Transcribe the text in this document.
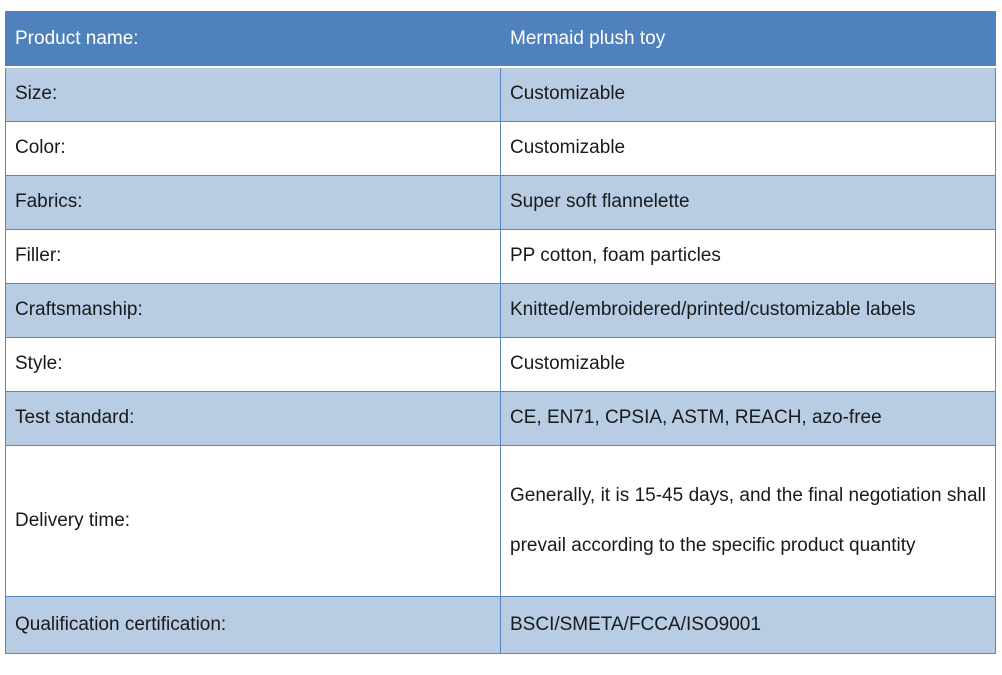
Product name:	Mermaid plush toy
Size:	Customizable
Color:	Customizable
Fabrics:	Super soft flannelette
Filler:	PP cotton, foam particles
Craftsmanship:	Knitted/embroidered/printed/customizable labels
Style:	Customizable
Test standard:	CE, EN71, CPSIA, ASTM, REACH, azo-free
Delivery time:	Generally, it is 15-45 days, and the final negotiation shall prevail according to the specific product quantity
Qualification certification:	BSCI/SMETA/FCCA/ISO9001
